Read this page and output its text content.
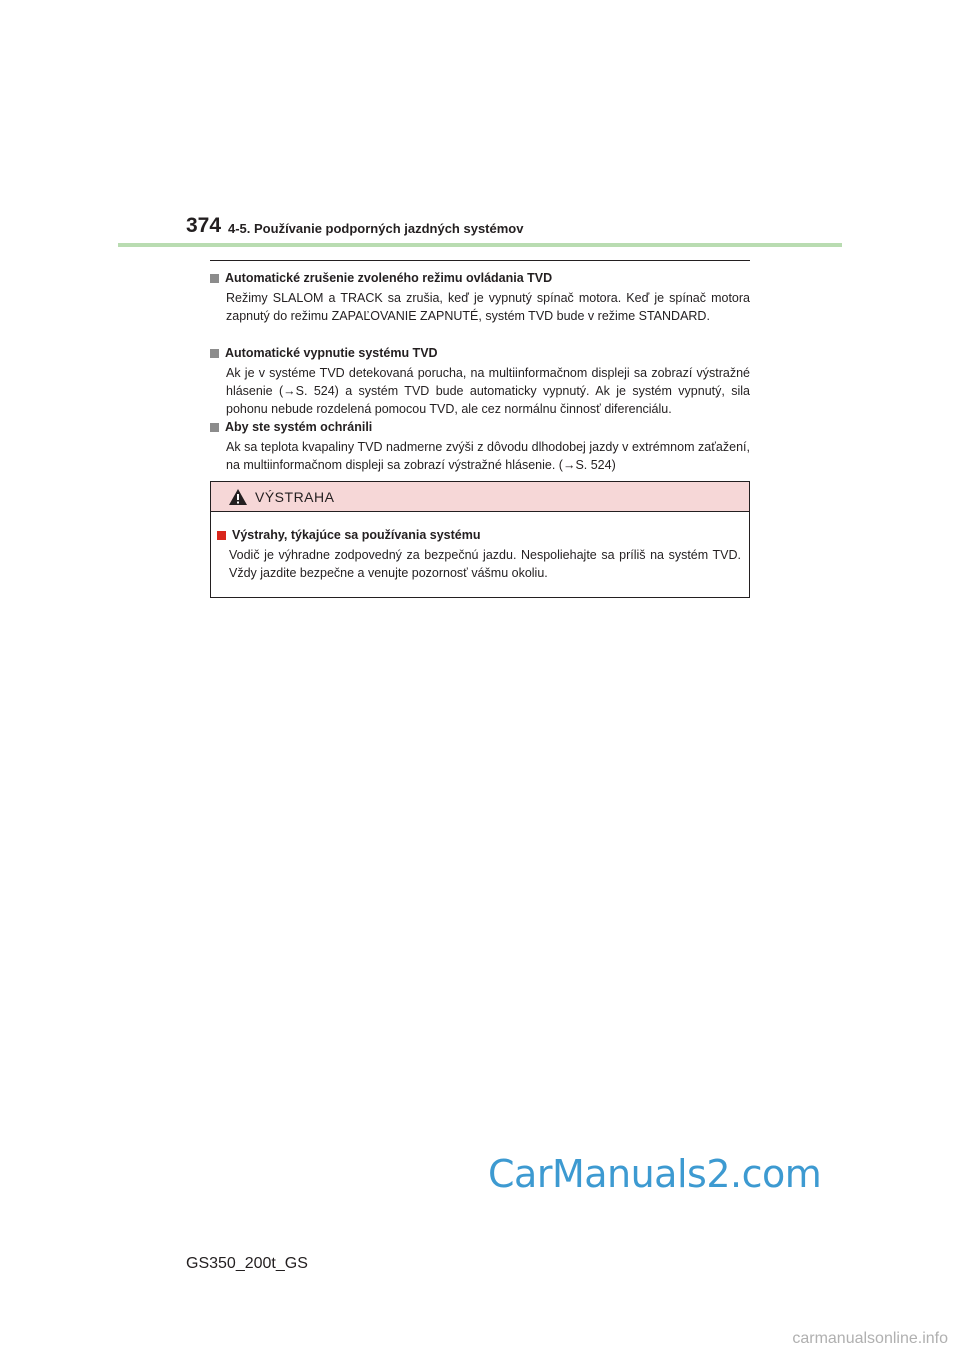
374 4-5. Používanie podporných jazdných systémov
Automatické zrušenie zvoleného režimu ovládania TVD
Režimy SLALOM a TRACK sa zrušia, keď je vypnutý spínač motora. Keď je spínač motora zapnutý do režimu ZAPAĽOVANIE ZAPNUTÉ, systém TVD bude v režime STANDARD.
Automatické vypnutie systému TVD
Ak je v systéme TVD detekovaná porucha, na multiinformačnom displeji sa zobrazí výstražné hlásenie (→S. 524) a systém TVD bude automaticky vypnutý. Ak je systém vypnutý, sila pohonu nebude rozdelená pomocou TVD, ale cez normálnu činnosť diferenciálu.
Aby ste systém ochránili
Ak sa teplota kvapaliny TVD nadmerne zvýši z dôvodu dlhodobej jazdy v extrémnom zaťažení, na multiinformačnom displeji sa zobrazí výstražné hlásenie. (→S. 524)
VÝSTRAHA
Výstrahy, týkajúce sa používania systému
Vodič je výhradne zodpovedný za bezpečnú jazdu. Nespoliehajte sa príliš na systém TVD. Vždy jazdite bezpečne a venujte pozornosť vášmu okoliu.
CarManuals2.com
GS350_200t_GS
carmanualsonline.info
